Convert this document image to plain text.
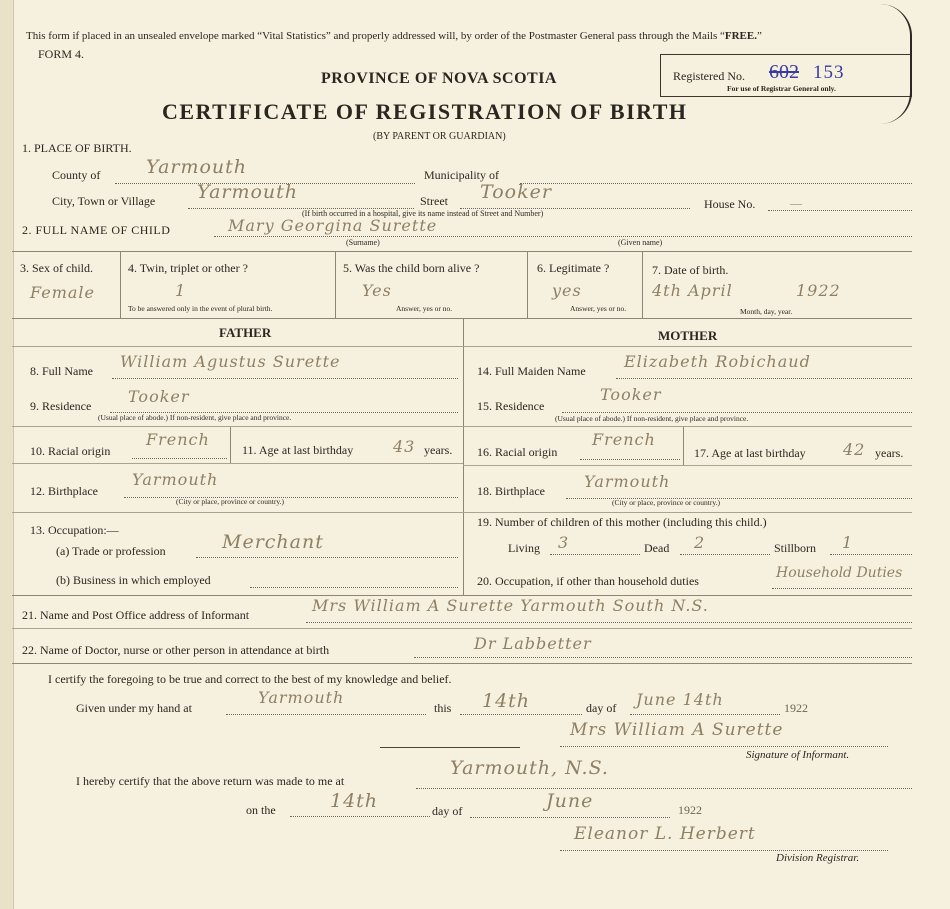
This form if placed in an unsealed envelope marked “Vital Statistics” and properly addressed will, by order of the Postmaster General pass through the Mails “FREE.”
FORM 4.
PROVINCE OF NOVA SCOTIA
CERTIFICATE OF REGISTRATION OF BIRTH
(BY PARENT OR GUARDIAN)
Registered No. 602 153
For use of Registrar General only.
1. PLACE OF BIRTH.
County of Yarmouth	Municipality of
City, Town or Village Yarmouth	Street Tooker
(If birth occurred in a hospital, give its name instead of Street and Number)
House No.	—
2. FULL NAME OF CHILD	Mary Georgina Surette
(Surname)	(Given name)
3. Sex of child.
Female
4. Twin, triplet or other ?
1
To be answered only in the event of plural birth.
5. Was the child born alive ?
Yes
Answer, yes or no.
6. Legitimate ?
yes
Answer, yes or no.
7. Date of birth.
4th April	1922
Month, day, year.
FATHER	MOTHER
8. Full Name William Agustus Surette
9. Residence Tooker
(Usual place of abode.) If non-resident, give place and province.
10. Racial origin
French
11. Age at last birthday 43 years.
12. Birthplace
Yarmouth
(City or place, province or country.)
13. Occupation:—
(a) Trade or profession	Merchant
(b) Business in which employed
14. Full Maiden Name Elizabeth Robichaud
15. Residence
Tooker
(Usual place of abode.) If non-resident, give place and province.
16. Racial origin
French
17. Age at last birthday 42 years.
18. Birthplace Yarmouth
(City or place, province or country.)
19. Number of children of this mother (including this child.)
Living 3	Dead 2	Stillborn 1
20. Occupation, if other than household duties	Household Duties
21. Name and Post Office address of Informant	Mrs William A Surette Yarmouth South N.S.
22. Name of Doctor, nurse or other person in attendance at birth	Dr Labbetter
I certify the foregoing to be true and correct to the best of my knowledge and belief.
Given under my hand at
Yarmouth
this 14th	day of June 14th	1922
Mrs William A Surette
Signature of Informant.
I hereby certify that the above return was made to me at
Yarmouth, N.S.
on the	14th	day of	June	1922
Eleanor L. Herbert
Division Registrar.
